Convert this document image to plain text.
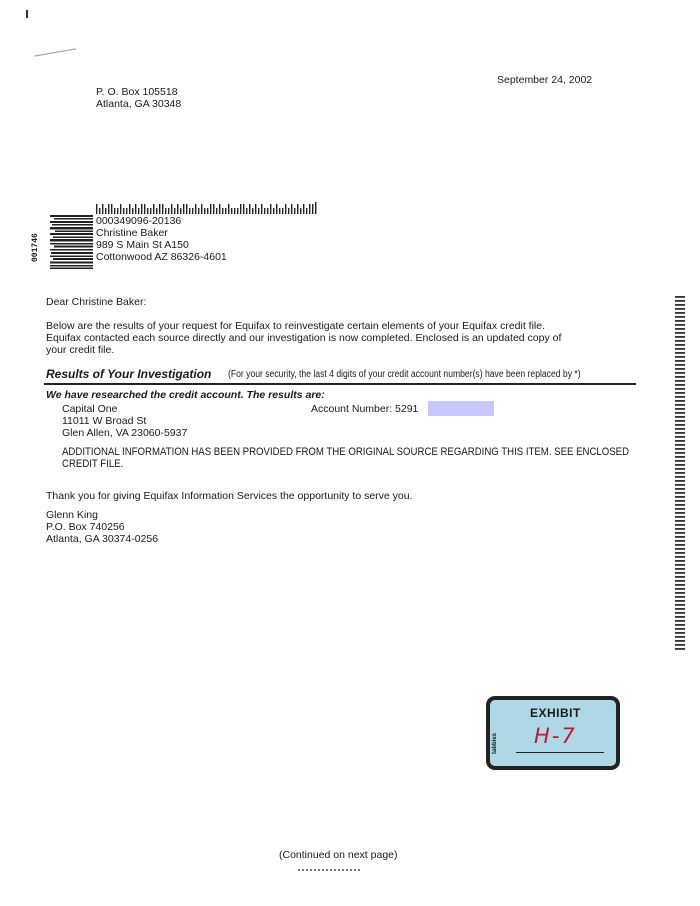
P. O. Box 105518
Atlanta, GA 30348
September 24, 2002
001746
000349096-20136
Christine Baker
989 S Main St A150
Cottonwood AZ 86326-4601
Dear Christine Baker:
Below are the results of your request for Equifax to reinvestigate certain elements of your Equifax credit file.
Equifax contacted each source directly and our investigation is now completed. Enclosed is an updated copy of
your credit file.
Results of Your Investigation (For your security, the last 4 digits of your credit account number(s) have been replaced by *)
We have researched the credit account. The results are:
Capital One
11011 W Broad St
Glen Allen, VA 23060-5937
Account Number: 5291
ADDITIONAL INFORMATION HAS BEEN PROVIDED FROM THE ORIGINAL SOURCE REGARDING THIS ITEM. SEE ENCLOSED
CREDIT FILE.
Thank you for giving Equifax Information Services the opportunity to serve you.
Glenn King
P.O. Box 740256
Atlanta, GA 30374-0256
EXHIBIT
tabbies H-7
(Continued on next page)
